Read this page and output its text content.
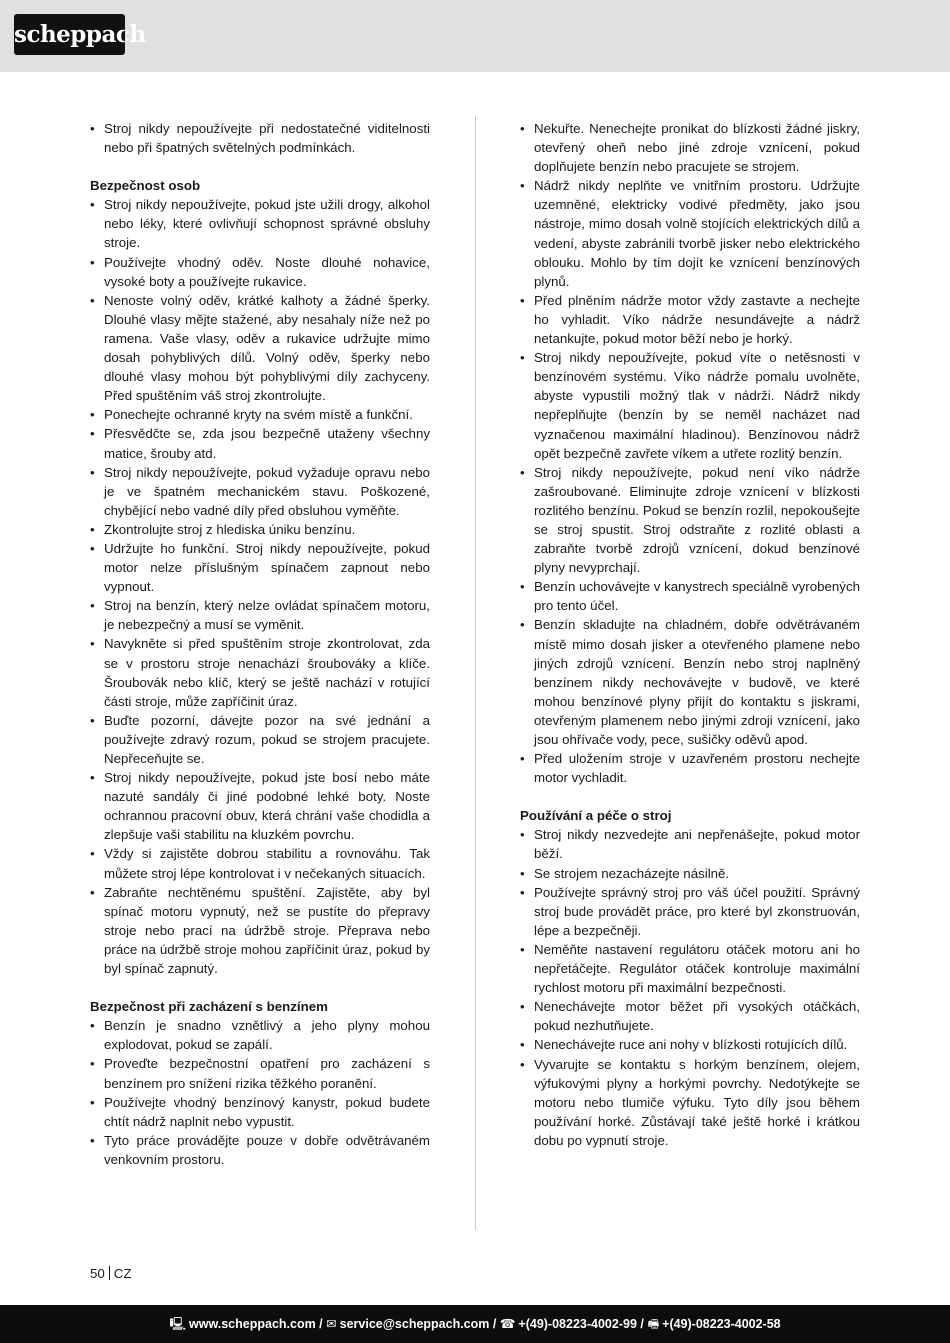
scheppach
• Stroj nikdy nepoužívejte při nedostatečné viditelnosti nebo při špatných světelných podmínkách.
Bezpečnost osob
• Stroj nikdy nepoužívejte, pokud jste užili drogy, alkohol nebo léky, které ovlivňují schopnost správné obsluhy stroje.
• Používejte vhodný oděv. Noste dlouhé nohavice, vysoké boty a používejte rukavice.
• Nenoste volný oděv, krátké kalhoty a žádné šperky. Dlouhé vlasy mějte stažené, aby nesahaly níže než po ramena. Vaše vlasy, oděv a rukavice udržujte mimo dosah pohyblivých dílů. Volný oděv, šperky nebo dlouhé vlasy mohou být pohyblivými díly zachyceny. Před spuštěním váš stroj zkontrolujte.
• Ponechejte ochranné kryty na svém místě a funkční.
• Přesvědčte se, zda jsou bezpečně utaženy všechny matice, šrouby atd.
• Stroj nikdy nepoužívejte, pokud vyžaduje opravu nebo je ve špatném mechanickém stavu. Poškozené, chybějící nebo vadné díly před obsluhou vyměňte.
• Zkontrolujte stroj z hlediska úniku benzínu.
• Udržujte ho funkční. Stroj nikdy nepoužívejte, pokud motor nelze příslušným spínačem zapnout nebo vypnout.
• Stroj na benzín, který nelze ovládat spínačem motoru, je nebezpečný a musí se vyměnit.
• Navykněte si před spuštěním stroje zkontrolovat, zda se v prostoru stroje nenachází šroubováky a klíče. Šroubovák nebo klíč, který se ještě nachází v rotující části stroje, může zapříčinit úraz.
• Buďte pozorní, dávejte pozor na své jednání a používejte zdravý rozum, pokud se strojem pracujete. Nepřeceňujte se.
• Stroj nikdy nepoužívejte, pokud jste bosí nebo máte nazuté sandály či jiné podobné lehké boty. Noste ochrannou pracovní obuv, která chrání vaše chodidla a zlepšuje vaši stabilitu na kluzkém povrchu.
• Vždy si zajistěte dobrou stabilitu a rovnováhu. Tak můžete stroj lépe kontrolovat i v nečekaných situacích.
• Zabraňte nechtěnému spuštění. Zajistěte, aby byl spínač motoru vypnutý, než se pustíte do přepravy stroje nebo prací na údržbě stroje. Přeprava nebo práce na údržbě stroje mohou zapříčinit úraz, pokud by byl spínač zapnutý.
Bezpečnost při zacházení s benzínem
• Benzín je snadno vznětlivý a jeho plyny mohou explodovat, pokud se zapálí.
• Proveďte bezpečnostní opatření pro zacházení s benzínem pro snížení rizika těžkého poranění.
• Používejte vhodný benzínový kanystr, pokud budete chtít nádrž naplnit nebo vypustit.
• Tyto práce provádějte pouze v dobře odvětrávaném venkovním prostoru.
• Nekuřte. Nenechejte pronikat do blízkosti žádné jiskry, otevřený oheň nebo jiné zdroje vznícení, pokud doplňujete benzín nebo pracujete se strojem.
• Nádrž nikdy neplňte ve vnitřním prostoru. Udržujte uzemněné, elektricky vodivé předměty, jako jsou nástroje, mimo dosah volně stojících elektrických dílů a vedení, abyste zabránili tvorbě jisker nebo elektrického oblouku. Mohlo by tím dojít ke vznícení benzínových plynů.
• Před plněním nádrže motor vždy zastavte a nechejte ho vyhladit. Víko nádrže nesundávejte a nádrž netankujte, pokud motor běží nebo je horký.
• Stroj nikdy nepoužívejte, pokud víte o netěsnosti v benzínovém systému. Víko nádrže pomalu uvolněte, abyste vypustili možný tlak v nádrži. Nádrž nikdy nepřeplňujte (benzín by se neměl nacházet nad vyznačenou maximální hladinou). Benzínovou nádrž opět bezpečně zavřete víkem a utřete rozlitý benzín.
• Stroj nikdy nepoužívejte, pokud není víko nádrže zašroubované. Eliminujte zdroje vznícení v blízkosti rozlitého benzínu. Pokud se benzín rozlil, nepokoušejte se stroj spustit. Stroj odstraňte z rozlité oblasti a zabraňte tvorbě zdrojů vznícení, dokud benzínové plyny nevyprchají.
• Benzín uchovávejte v kanystrech speciálně vyrobených pro tento účel.
• Benzín skladujte na chladném, dobře odvětrávaném místě mimo dosah jisker a otevřeného plamene nebo jiných zdrojů vznícení. Benzín nebo stroj naplněný benzínem nikdy nechovávejte v budově, ve které mohou benzínové plyny přijít do kontaktu s jiskrami, otevřeným plamenem nebo jinými zdroji vznícení, jako jsou ohřívače vody, pece, sušičky oděvů apod.
• Před uložením stroje v uzavřeném prostoru nechejte motor vychladit.
Používání a péče o stroj
• Stroj nikdy nezvedejte ani nepřenášejte, pokud motor běží.
• Se strojem nezacházejte násilně.
• Používejte správný stroj pro váš účel použití. Správný stroj bude provádět práce, pro které byl zkonstruován, lépe a bezpečněji.
• Neměňte nastavení regulátoru otáček motoru ani ho nepřetáčejte. Regulátor otáček kontroluje maximální rychlost motoru při maximální bezpečnosti.
• Nenechávejte motor běžet při vysokých otáčkách, pokud nezhutňujete.
• Nenechávejte ruce ani nohy v blízkosti rotujících dílů.
• Vyvarujte se kontaktu s horkým benzínem, olejem, výfukovými plyny a horkými povrchy. Nedotýkejte se motoru nebo tlumiče výfuku. Tyto díly jsou během používání horké. Zůstávají také ještě horké i krátkou dobu po vypnutí stroje.
50 CZ
🖳 www.scheppach.com / ✉ service@scheppach.com / ☎ +(49)-08223-4002-99 / 🖷 +(49)-08223-4002-58
